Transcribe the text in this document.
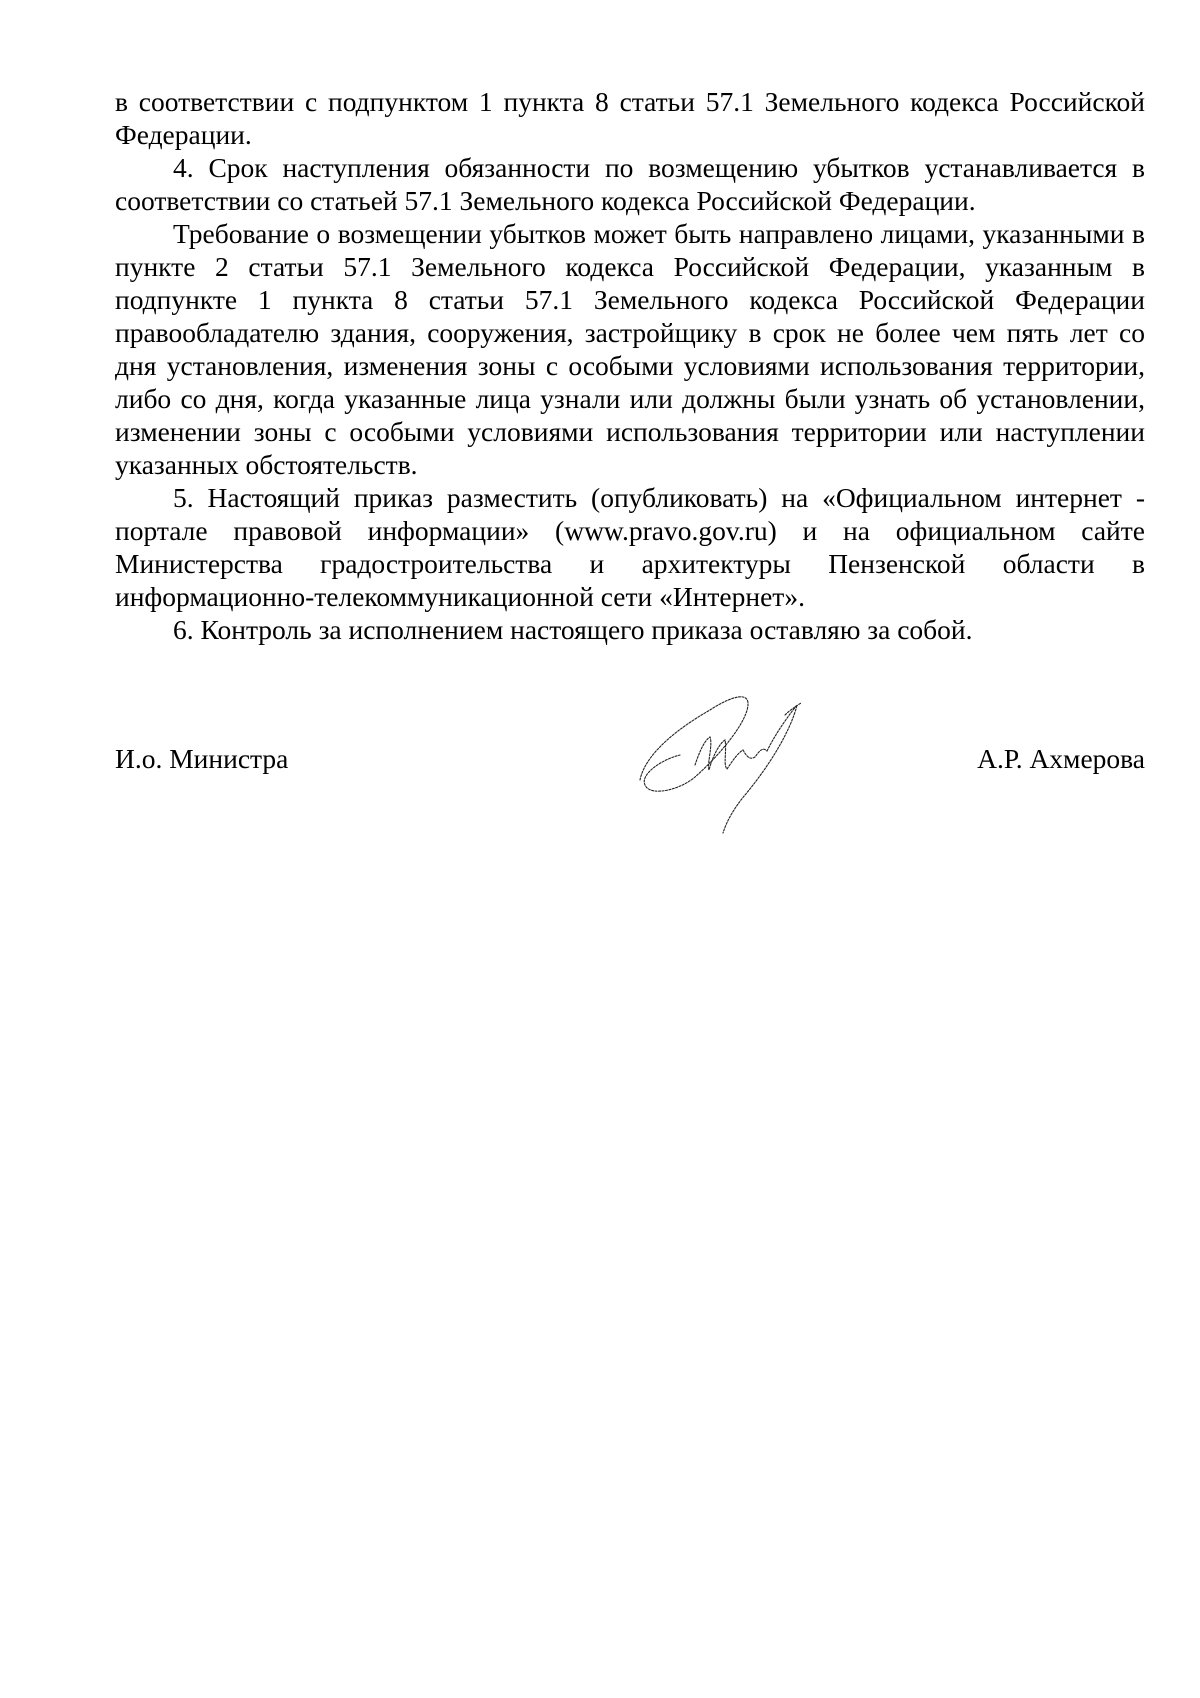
в соответствии с подпунктом 1 пункта 8 статьи 57.1 Земельного кодекса Российской Федерации.

4. Срок наступления обязанности по возмещению убытков устанавливается в соответствии со статьей 57.1 Земельного кодекса Российской Федерации.

Требование о возмещении убытков может быть направлено лицами, указанными в пункте 2 статьи 57.1 Земельного кодекса Российской Федерации, указанным в подпункте 1 пункта 8 статьи 57.1 Земельного кодекса Российской Федерации правообладателю здания, сооружения, застройщику в срок не более чем пять лет со дня установления, изменения зоны с особыми условиями использования территории, либо со дня, когда указанные лица узнали или должны были узнать об установлении, изменении зоны с особыми условиями использования территории или наступлении указанных обстоятельств.

5. Настоящий приказ разместить (опубликовать) на «Официальном интернет - портале правовой информации» (www.pravo.gov.ru) и на официальном сайте Министерства градостроительства и архитектуры Пензенской области в информационно-телекоммуникационной сети «Интернет».

6. Контроль за исполнением настоящего приказа оставляю за собой.

И.о. Министра	А.Р. Ахмерова
